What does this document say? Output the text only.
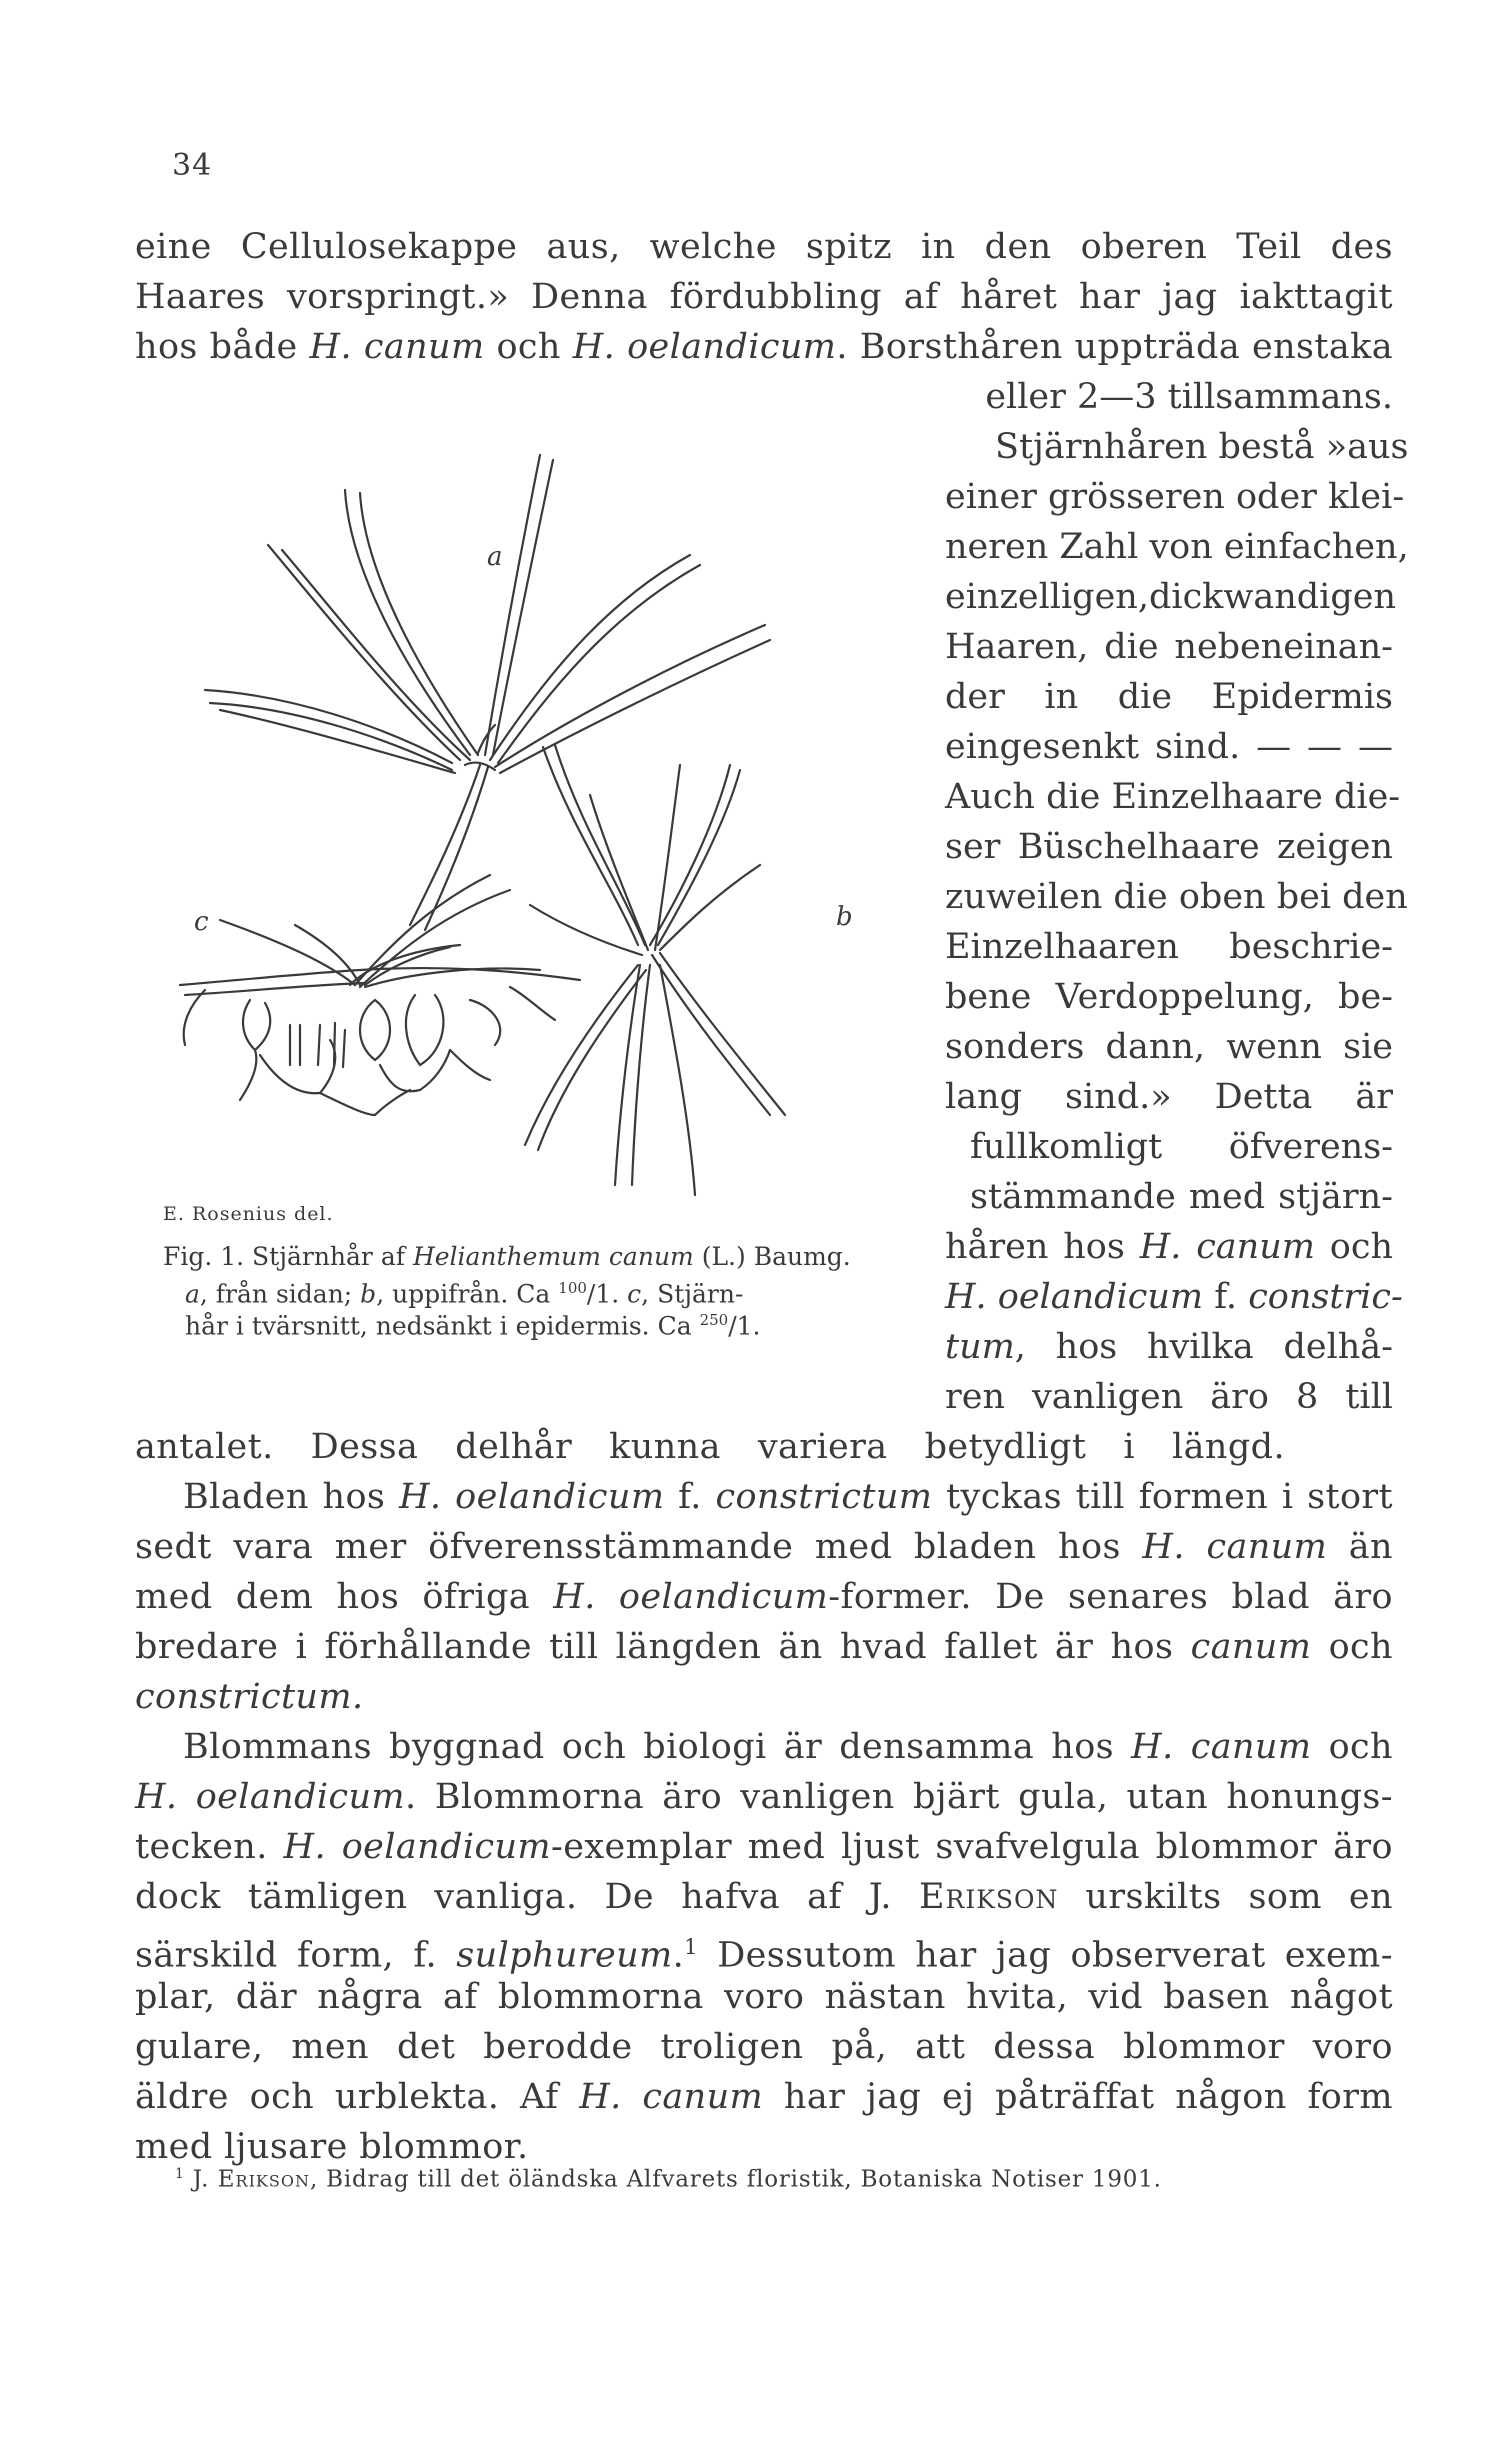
34
eine Cellulosekappe aus, welche spitz in den oberen Teil des
Haares vorspringt.» Denna fördubbling af håret har jag iakttagit
hos både H. canum och H. oelandicum. Borsthåren uppträda enstaka
a
b
c
E. Rosenius del.
Fig. 1. Stjärnhår af Helianthemum canum (L.) Baumg.
a, från sidan; b, uppifrån. Ca $^{100}$/1. c, Stjärn-
hår i tvärsnitt, nedsänkt i epidermis. Ca $^{250}$/1.
eller 2—3 tillsammans.
Stjärnhåren bestå »aus
einer grösseren oder klei-
neren Zahl von einfachen,
einzelligen,dickwandigen
Haaren, die nebeneinan-
der in die Epidermis
eingesenkt sind. — — —
Auch die Einzelhaare die-
ser Büschelhaare zeigen
zuweilen die oben bei den
Einzelhaaren beschrie-
bene Verdoppelung, be-
sonders dann, wenn sie
lang sind.» Detta är
fullkomligt öfverens-
stämmande med stjärn-
håren hos H. canum och
H. oelandicum f. constric-
tum, hos hvilka delhå-
ren vanligen äro 8 till
antalet. Dessa delhår kunna variera betydligt i längd.
Bladen hos H. oelandicum f. constrictum tyckas till formen i stort
sedt vara mer öfverensstämmande med bladen hos H. canum än
med dem hos öfriga H. oelandicum-former. De senares blad äro
bredare i förhållande till längden än hvad fallet är hos canum och
constrictum.
Blommans byggnad och biologi är densamma hos H. canum och
H. oelandicum. Blommorna äro vanligen bjärt gula, utan honungs-
tecken. H. oelandicum-exemplar med ljust svafvelgula blommor äro
dock tämligen vanliga. De hafva af J. Erikson urskilts som en
särskild form, f. sulphureum.$^1$ Dessutom har jag observerat exem-
plar, där några af blommorna voro nästan hvita, vid basen något
gulare, men det berodde troligen på, att dessa blommor voro
äldre och urblekta. Af H. canum har jag ej påträffat någon form
med ljusare blommor.
$^1$ J. Erikson, Bidrag till det öländska Alfvarets floristik, Botaniska Notiser 1901.
